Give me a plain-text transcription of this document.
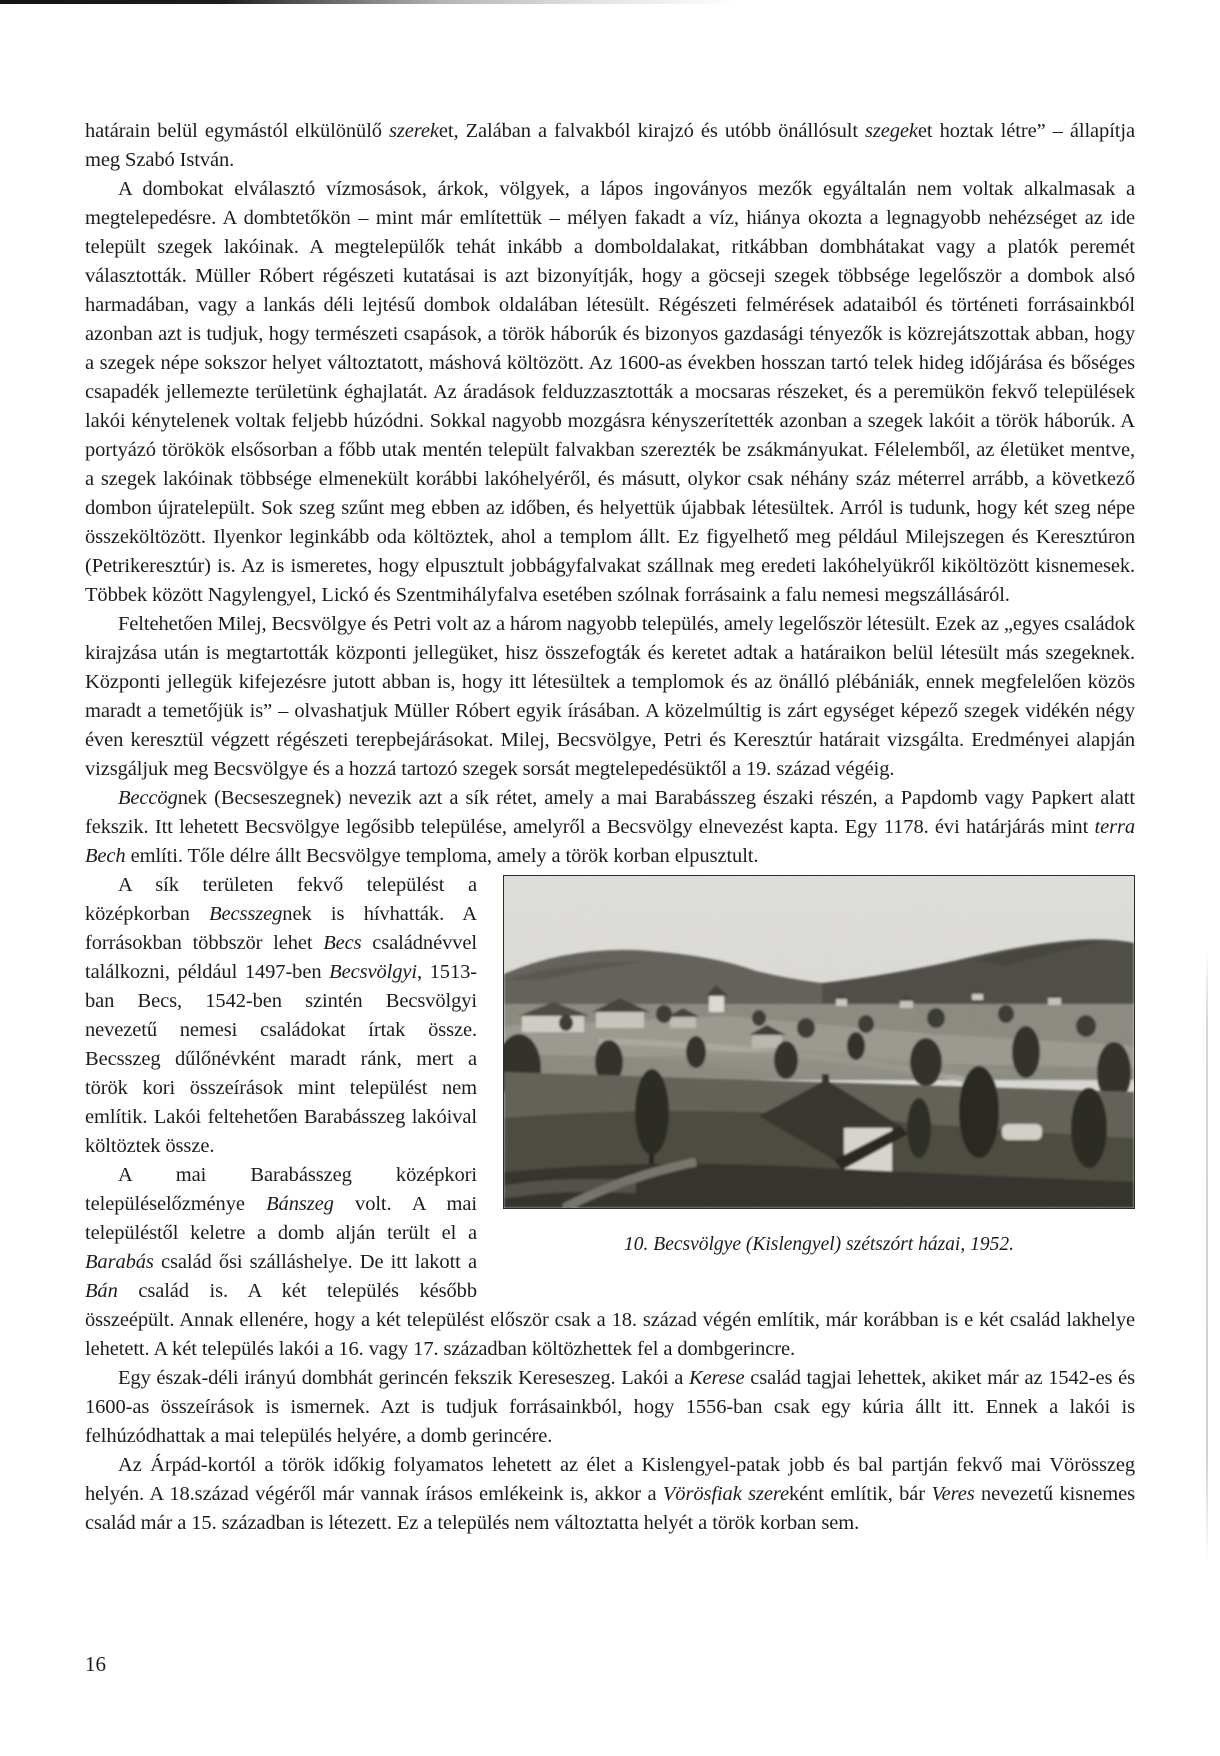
határain belül egymástól elkülönülő szereket, Zalában a falvakból kirajzó és utóbb önállósult szegeket hoztak létre” – állapítja meg Szabó István.

A dombokat elválasztó vízmosások, árkok, völgyek, a lápos ingoványos mezők egyáltalán nem voltak alkalmasak a megtelepedésre. A dombtetőkön – mint már említettük – mélyen fakadt a víz, hiánya okozta a legnagyobb nehézséget az ide települt szegek lakóinak. A megtelepülők tehát inkább a domboldalakat, ritkábban dombhátakat vagy a platók peremét választották. Müller Róbert régészeti kutatásai is azt bizonyítják, hogy a göcseji szegek többsége legelőször a dombok alsó harmadában, vagy a lankás déli lejtésű dombok oldalában létesült. Régészeti felmérések adataiból és történeti forrásainkból azonban azt is tudjuk, hogy természeti csapások, a török háborúk és bizonyos gazdasági tényezők is közrejátszottak abban, hogy a szegek népe sokszor helyet változtatott, máshová költözött. Az 1600-as években hosszan tartó telek hideg időjárása és bőséges csapadék jellemezte területünk éghajlatát. Az áradások felduzzasztották a mocsaras részeket, és a peremükön fekvő települések lakói kénytelenek voltak feljebb húzódni. Sokkal nagyobb mozgásra kényszerítették azonban a szegek lakóit a török háborúk. A portyázó törökök elsősorban a főbb utak mentén települt falvakban szerezték be zsákmányukat. Félelemből, az életüket mentve, a szegek lakóinak többsége elmenekült korábbi lakóhelyéről, és másutt, olykor csak néhány száz méterrel arrább, a következő dombon újratelepült. Sok szeg szűnt meg ebben az időben, és helyettük újabbak létesültek. Arról is tudunk, hogy két szeg népe összeköltözött. Ilyenkor leginkább oda költöztek, ahol a templom állt. Ez figyelhető meg például Milejszegen és Keresztúron (Petrikeresztúr) is. Az is ismeretes, hogy elpusztult jobbágyfalvakat szállnak meg eredeti lakóhelyükről kiköltözött kisnemesek. Többek között Nagylengyel, Lickó és Szentmihályfalva esetében szólnak forrásaink a falu nemesi megszállásáról.

Feltehetően Milej, Becsvölgye és Petri volt az a három nagyobb település, amely legelőször létesült. Ezek az „egyes családok kirajzása után is megtartották központi jellegüket, hisz összefogták és keretet adtak a határaikon belül létesült más szegeknek. Központi jellegük kifejezésre jutott abban is, hogy itt létesültek a templomok és az önálló plébániák, ennek megfelelően közös maradt a temetőjük is” – olvashatjuk Müller Róbert egyik írásában. A közelmúltig is zárt egységet képező szegek vidékén négy éven keresztül végzett régészeti terepbejárásokat. Milej, Becsvölgye, Petri és Keresztúr határait vizsgálta. Eredményei alapján vizsgáljuk meg Becsvölgye és a hozzá tartozó szegek sorsát megtelepedésüktől a 19. század végéig.

Beccögnek (Becseszegnek) nevezik azt a sík rétet, amely a mai Barabásszeg északi részén, a Papdomb vagy Papkert alatt fekszik. Itt lehetett Becsvölgye legősibb települése, amelyről a Becsvölgy elnevezést kapta. Egy 1178. évi határjárás mint terra Bech említi. Tőle délre állt Becsvölgye temploma, amely a török korban elpusztult.

10. Becsvölgye (Kislengyel) szétszórt házai, 1952.

A sík területen fekvő települést a középkorban Becsszegnek is hívhatták. A forrásokban többször lehet Becs családnévvel találkozni, például 1497-ben Becsvölgyi, 1513-ban Becs, 1542-ben szintén Becsvölgyi nevezetű nemesi családokat írtak össze. Becsszeg dűlőnévként maradt ránk, mert a török kori összeírások mint települést nem említik. Lakói feltehetően Barabásszeg lakóival költöztek össze.

A mai Barabásszeg középkori településelőzménye Bánszeg volt. A mai településtől keletre a domb alján terült el a Barabás család ősi szálláshelye. De itt lakott a Bán család is. A két település később összeépült. Annak ellenére, hogy a két települést először csak a 18. század végén említik, már korábban is e két család lakhelye lehetett. A két település lakói a 16. vagy 17. században költözhettek fel a dombgerincre.

Egy észak-déli irányú dombhát gerincén fekszik Kereseszeg. Lakói a Kerese család tagjai lehettek, akiket már az 1542-es és 1600-as összeírások is ismernek. Azt is tudjuk forrásainkból, hogy 1556-ban csak egy kúria állt itt. Ennek a lakói is felhúzódhattak a mai település helyére, a domb gerincére.

Az Árpád-kortól a török időkig folyamatos lehetett az élet a Kislengyel-patak jobb és bal partján fekvő mai Vörösszeg helyén. A 18.század végéről már vannak írásos emlékeink is, akkor a Vörösfiak szereként említik, bár Veres nevezetű kisnemes család már a 15. században is létezett. Ez a település nem változtatta helyét a török korban sem.

16
